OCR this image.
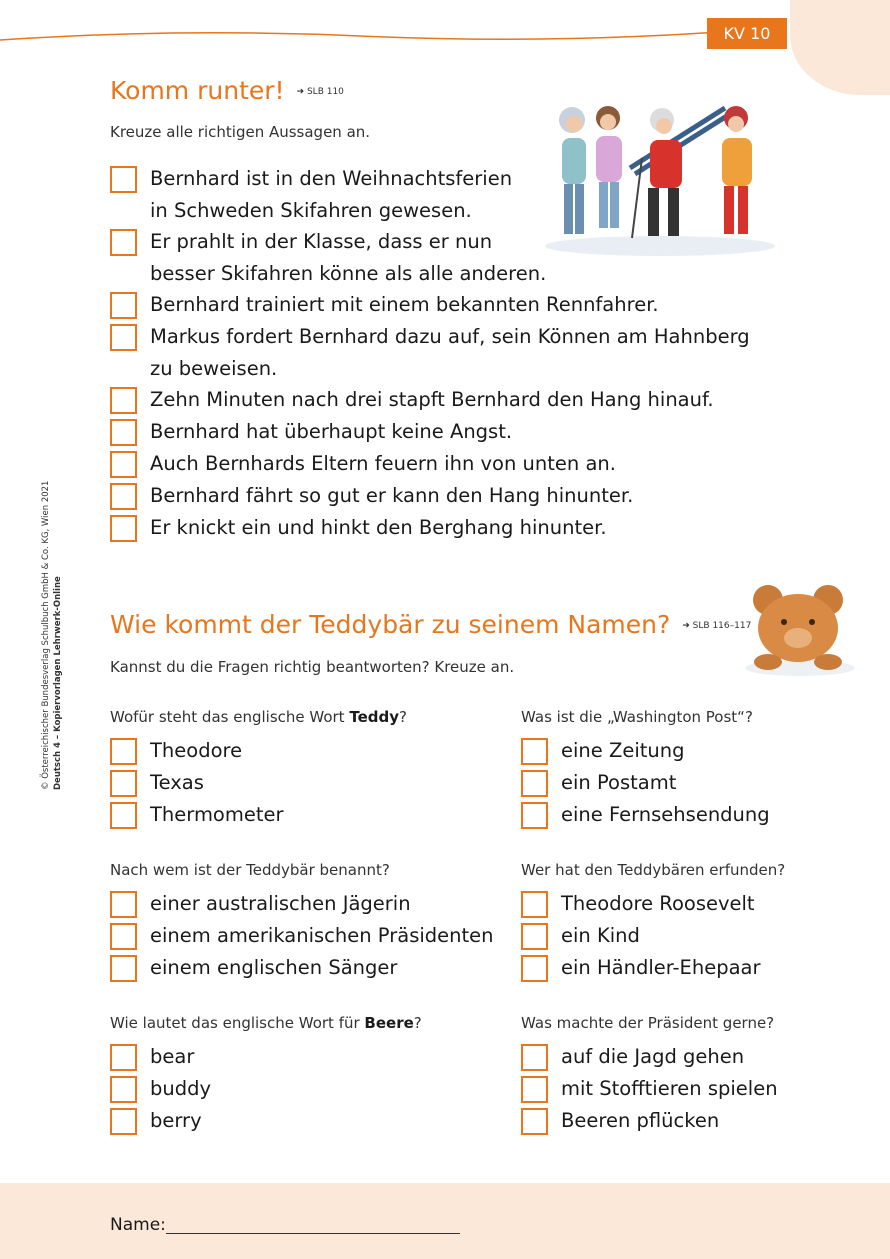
KV 10
© Österreichischer Bundesverlag Schulbuch GmbH & Co. KG, Wien 2021 Deutsch 4 – Kopiervorlagen Lehrwerk-Online
Komm runter! ➜ SLB 110
Kreuze alle richtigen Aussagen an.
Bernhard ist in den Weihnachtsferien
in Schweden Skifahren gewesen.
Er prahlt in der Klasse, dass er nun
besser Skifahren könne als alle anderen.
Bernhard trainiert mit einem bekannten Rennfahrer.
Markus fordert Bernhard dazu auf, sein Können am Hahnberg
zu beweisen.
Zehn Minuten nach drei stapft Bernhard den Hang hinauf.
Bernhard hat überhaupt keine Angst.
Auch Bernhards Eltern feuern ihn von unten an.
Bernhard fährt so gut er kann den Hang hinunter.
Er knickt ein und hinkt den Berghang hinunter.
Wie kommt der Teddybär zu seinem Namen? ➜ SLB 116–117
Kannst du die Fragen richtig beantworten? Kreuze an.
Wofür steht das englische Wort Teddy?
Theodore
Texas
Thermometer
Was ist die „Washington Post“?
eine Zeitung
ein Postamt
eine Fernsehsendung
Nach wem ist der Teddybär benannt?
einer australischen Jägerin
einem amerikanischen Präsidenten
einem englischen Sänger
Wer hat den Teddybären erfunden?
Theodore Roosevelt
ein Kind
ein Händler-Ehepaar
Wie lautet das englische Wort für Beere?
bear
buddy
berry
Was machte der Präsident gerne?
auf die Jagd gehen
mit Stofftieren spielen
Beeren pflücken
Name:
